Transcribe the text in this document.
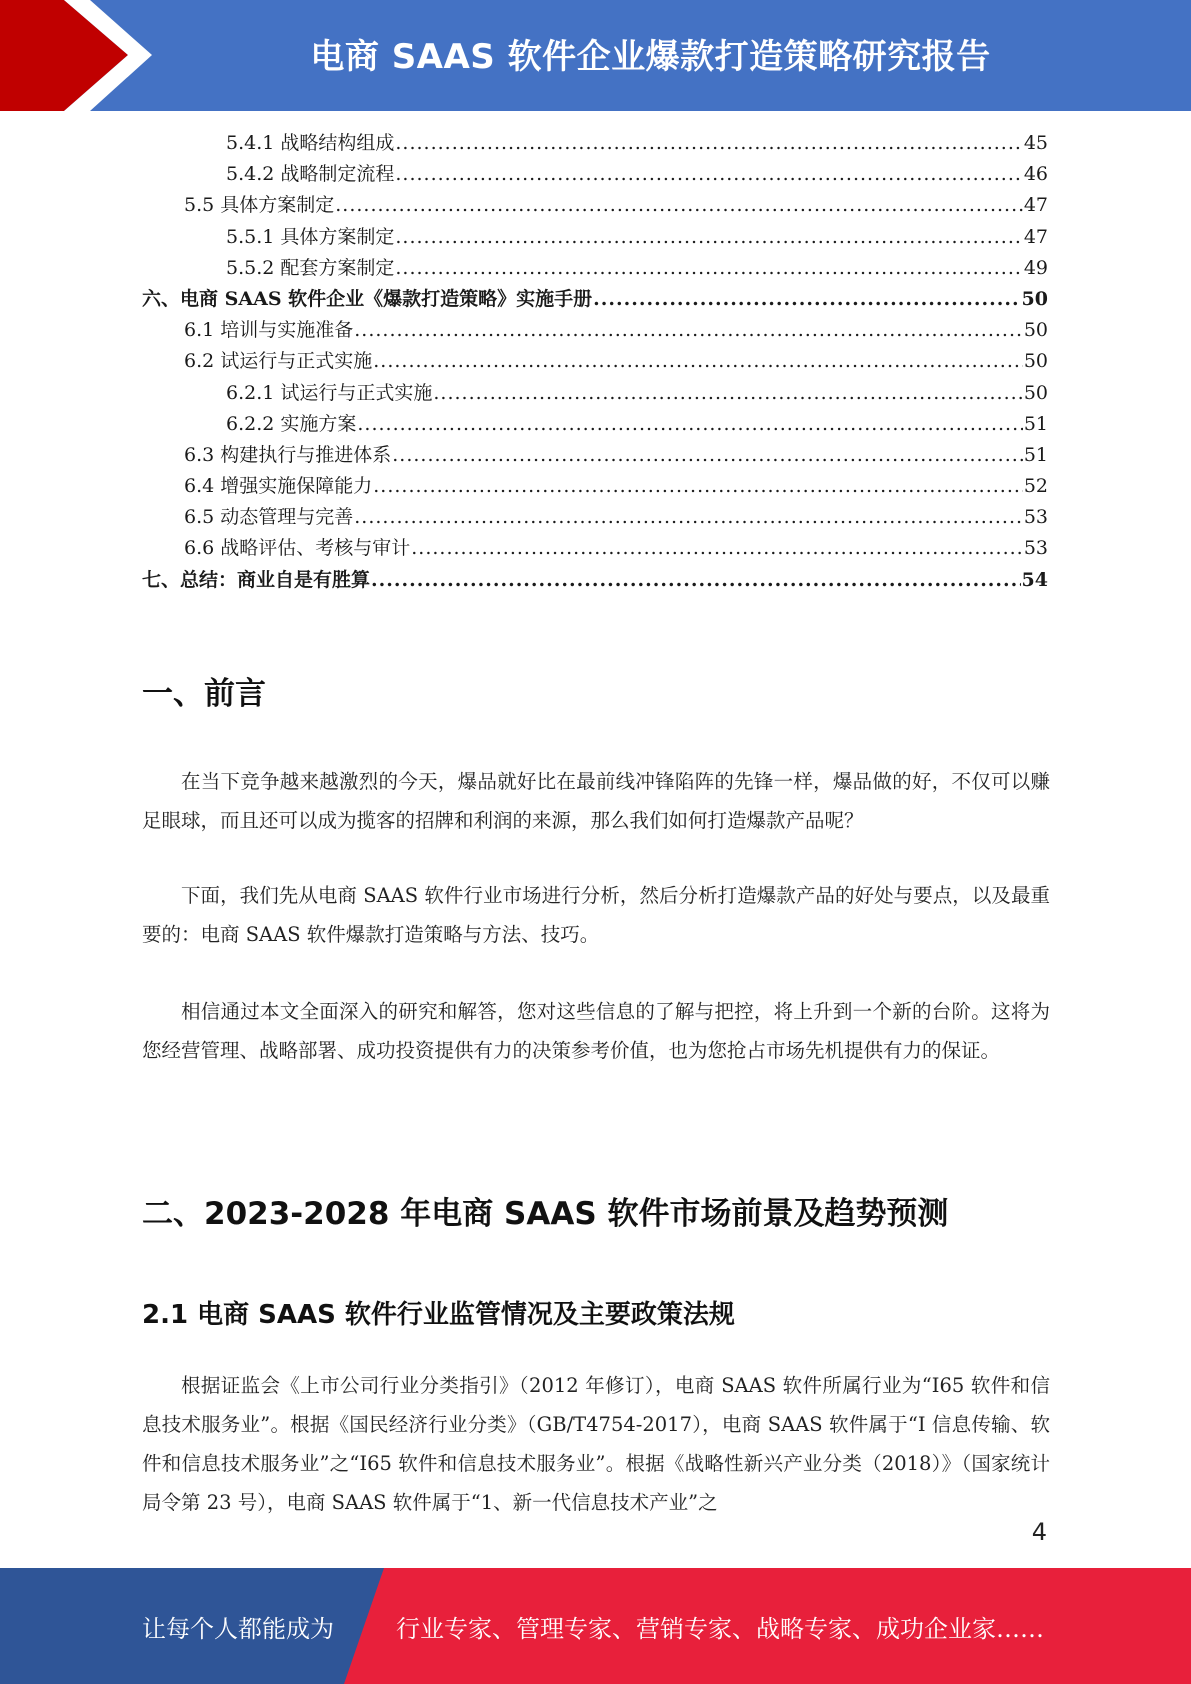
电商 SAAS 软件企业爆款打造策略研究报告
5.4.1 战略结构组成 .....	45
5.4.2 战略制定流程 .....	46
5.5 具体方案制定 .....	47
5.5.1 具体方案制定 .....	47
5.5.2 配套方案制定 .....	49
六、电商 SAAS 软件企业《爆款打造策略》实施手册 .....	50
6.1 培训与实施准备 .....	50
6.2 试运行与正式实施 .....	50
6.2.1 试运行与正式实施 .....	50
6.2.2 实施方案 .....	51
6.3 构建执行与推进体系 .....	51
6.4 增强实施保障能力 .....	52
6.5 动态管理与完善 .....	53
6.6 战略评估、考核与审计 .....	53
七、总结：商业自是有胜算 .....	54
一、前言
在当下竞争越来越激烈的今天，爆品就好比在最前线冲锋陷阵的先锋一样，爆品做的好，不仅可以赚足眼球，而且还可以成为揽客的招牌和利润的来源，那么我们如何打造爆款产品呢？
下面，我们先从电商 SAAS 软件行业市场进行分析，然后分析打造爆款产品的好处与要点，以及最重要的：电商 SAAS 软件爆款打造策略与方法、技巧。
相信通过本文全面深入的研究和解答，您对这些信息的了解与把控，将上升到一个新的台阶。这将为您经营管理、战略部署、成功投资提供有力的决策参考价值，也为您抢占市场先机提供有力的保证。
二、2023-2028 年电商 SAAS 软件市场前景及趋势预测
2.1 电商 SAAS 软件行业监管情况及主要政策法规
根据证监会《上市公司行业分类指引》（2012 年修订），电商 SAAS 软件所属行业为“I65 软件和信息技术服务业”。根据《国民经济行业分类》（GB/T4754-2017），电商 SAAS 软件属于“I 信息传输、软件和信息技术服务业”之“I65 软件和信息技术服务业”。根据《战略性新兴产业分类（2018）》（国家统计局令第 23 号），电商 SAAS 软件属于“1、新一代信息技术产业”之
4
让每个人都能成为	行业专家、管理专家、营销专家、战略专家、成功企业家……
